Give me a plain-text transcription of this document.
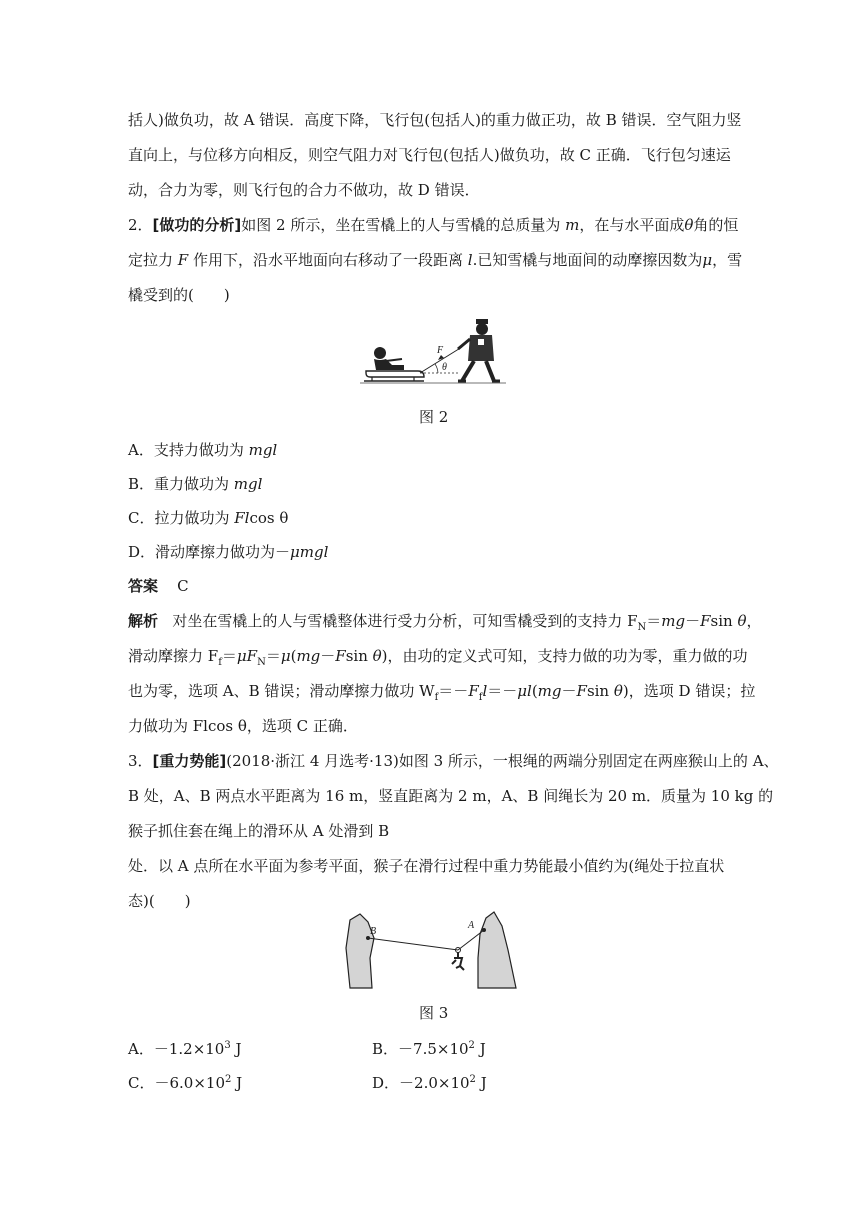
括人)做负功，故 A 错误．高度下降，飞行包(包括人)的重力做正功，故 B 错误．空气阻力竖
直向上，与位移方向相反，则空气阻力对飞行包(包括人)做负功，故 C 正确．飞行包匀速运
动，合力为零，则飞行包的合力不做功，故 D 错误．
2．[做功的分析]如图 2 所示，坐在雪橇上的人与雪橇的总质量为 m，在与水平面成θ角的恒
定拉力 F 作用下，沿水平地面向右移动了一段距离 l.已知雪橇与地面间的动摩擦因数为μ，雪
橇受到的(　　)
F
θ
图 2
A．支持力做功为 mgl
B．重力做功为 mgl
C．拉力做功为 Flcos θ
D．滑动摩擦力做功为－μmgl
答案 C
解析 对坐在雪橇上的人与雪橇整体进行受力分析，可知雪橇受到的支持力 $F_N=mg-Fsin$ θ，
滑动摩擦力 $F_f=\mu F_N=\mu(mg-Fsin$ θ)，由功的定义式可知，支持力做的功为零，重力做的功
也为零，选项 A、B 错误；滑动摩擦力做功 $W_f=-F_fl=-\mu l(mg-Fsin$ θ)，选项 D 错误；拉
力做功为 Flcos θ，选项 C 正确．
3．[重力势能](2018·浙江 4 月选考·13)如图 3 所示，一根绳的两端分别固定在两座猴山上的 A、
B 处，A、B 两点水平距离为 16 m，竖直距离为 2 m，A、B 间绳长为 20 m．质量为 10 kg 的
猴子抓住套在绳上的滑环从 A 处滑到 B
处．以 A 点所在水平面为参考平面，猴子在滑行过程中重力势能最小值约为(绳处于拉直状
态)(　　)
B
A
图 3
A．$-1.2\times 10^3$ J	B．$-7.5\times 10^2$ J
C．$-6.0\times 10^2$ J	D．$-2.0\times 10^2$ J
